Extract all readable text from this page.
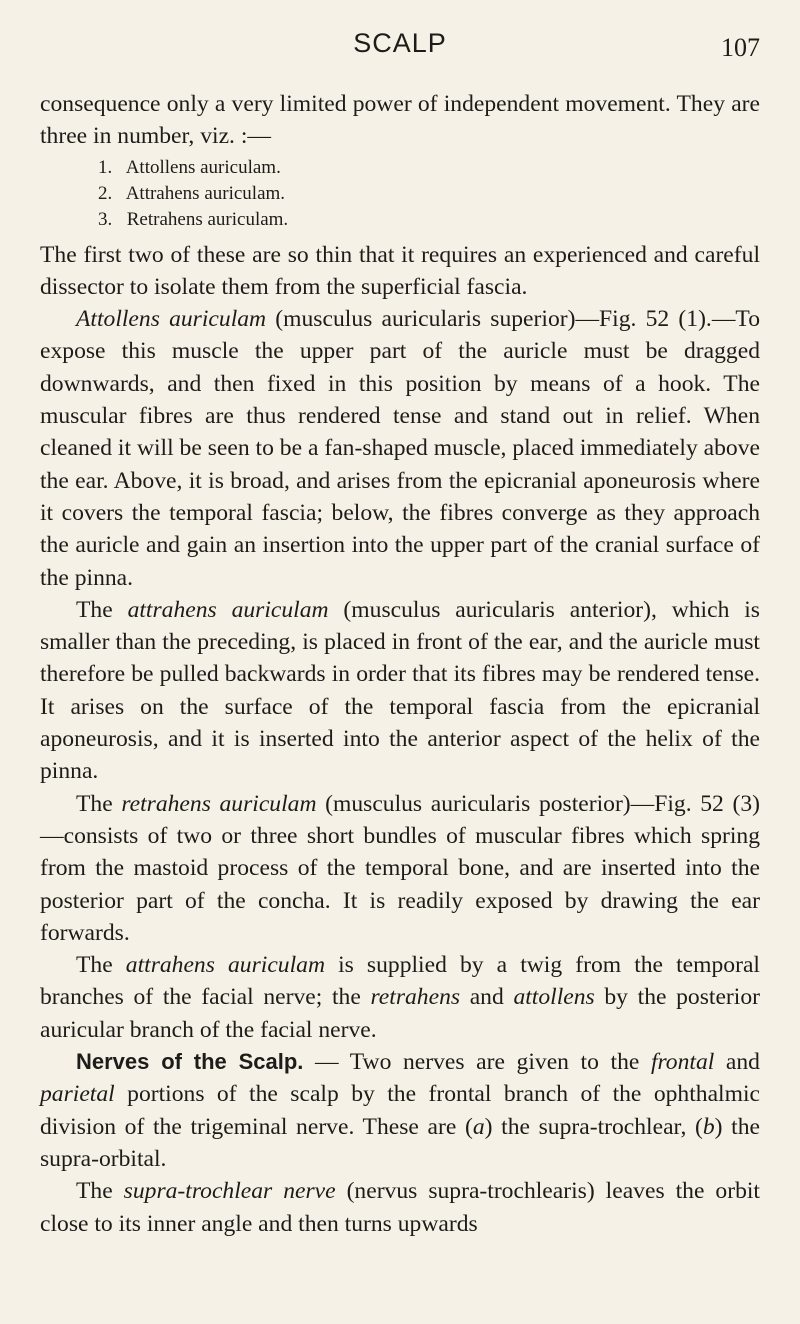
SCALP	107

consequence only a very limited power of independent movement. They are three in number, viz. :—

1. Attollens auriculam.
2. Attrahens auriculam.
3. Retrahens auriculam.

The first two of these are so thin that it requires an experienced and careful dissector to isolate them from the superficial fascia.

Attollens auriculam (musculus auricularis superior)—Fig. 52 (1).—To expose this muscle the upper part of the auricle must be dragged downwards, and then fixed in this position by means of a hook. The muscular fibres are thus rendered tense and stand out in relief. When cleaned it will be seen to be a fan-shaped muscle, placed immediately above the ear. Above, it is broad, and arises from the epicranial aponeurosis where it covers the temporal fascia; below, the fibres converge as they approach the auricle and gain an insertion into the upper part of the cranial surface of the pinna.

The attrahens auriculam (musculus auricularis anterior), which is smaller than the preceding, is placed in front of the ear, and the auricle must therefore be pulled backwards in order that its fibres may be rendered tense. It arises on the surface of the temporal fascia from the epicranial aponeurosis, and it is inserted into the anterior aspect of the helix of the pinna.

The retrahens auriculam (musculus auricularis posterior)—Fig. 52 (3)—consists of two or three short bundles of muscular fibres which spring from the mastoid process of the temporal bone, and are inserted into the posterior part of the concha. It is readily exposed by drawing the ear forwards.

The attrahens auriculam is supplied by a twig from the temporal branches of the facial nerve; the retrahens and attollens by the posterior auricular branch of the facial nerve.

Nerves of the Scalp. — Two nerves are given to the frontal and parietal portions of the scalp by the frontal branch of the ophthalmic division of the trigeminal nerve. These are (a) the supra-trochlear, (b) the supra-orbital.

The supra-trochlear nerve (nervus supra-trochlearis) leaves the orbit close to its inner angle and then turns upwards
